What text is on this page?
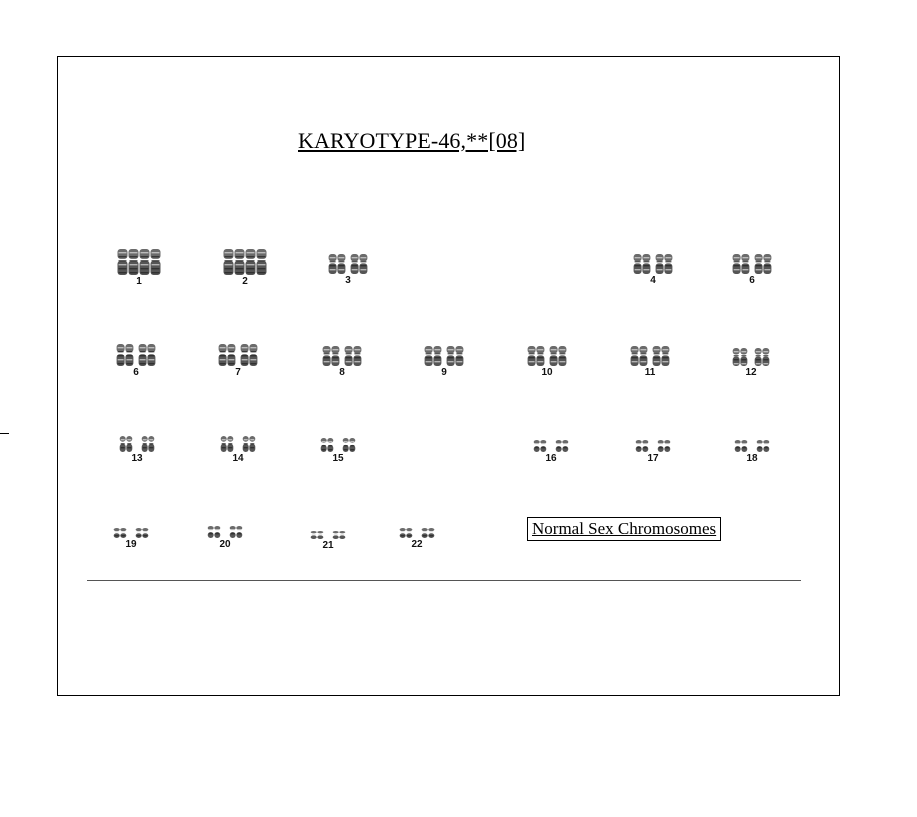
KARYOTYPE-46,**[08]
1	2	3	4	6
6	7	8	9	10	11	12
13	14	15	16	17	18
19	20	21	22
Normal Sex Chromosomes
